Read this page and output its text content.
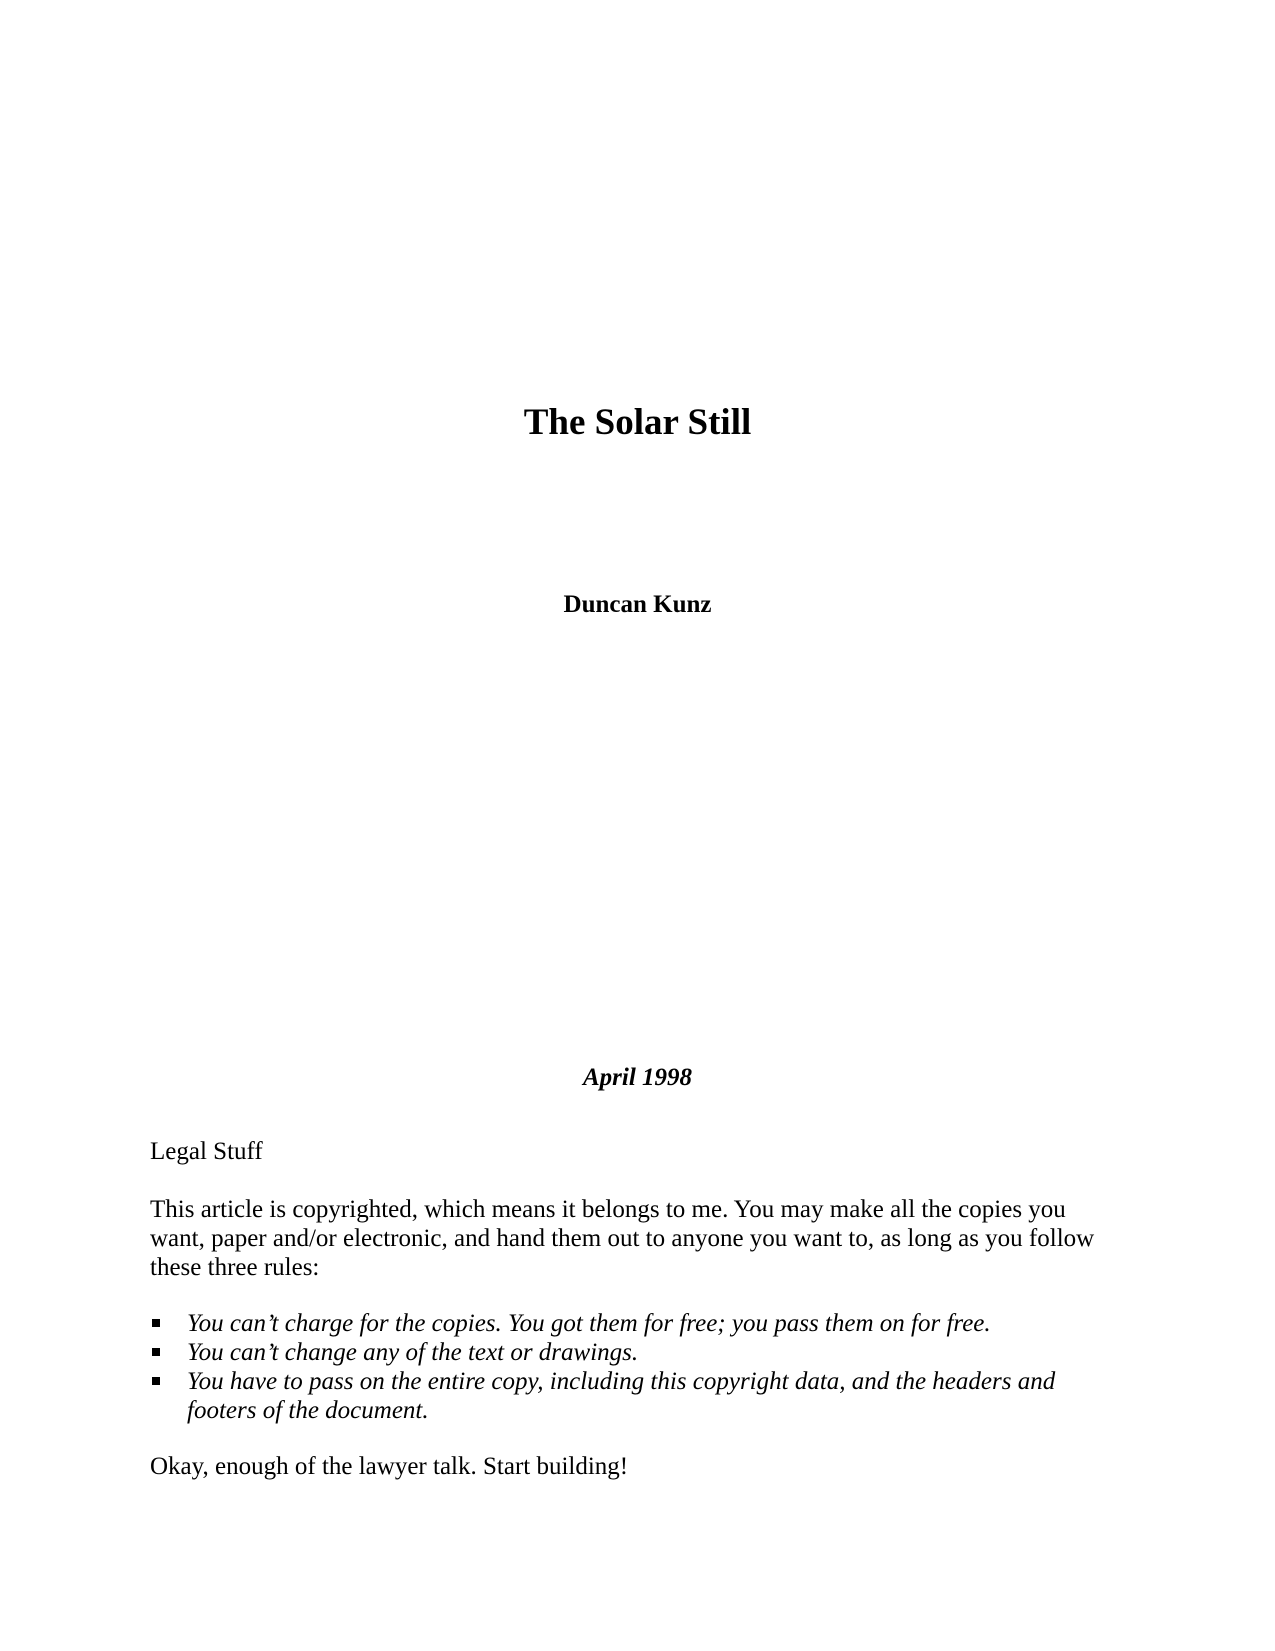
The Solar Still
Duncan Kunz
April 1998

Legal Stuff

This article is copyrighted, which means it belongs to me. You may make all the copies you want, paper and/or electronic, and hand them out to anyone you want to, as long as you follow these three rules:

You can’t charge for the copies. You got them for free; you pass them on for free.
You can’t change any of the text or drawings.
You have to pass on the entire copy, including this copyright data, and the headers and footers of the document.

Okay, enough of the lawyer talk. Start building!
